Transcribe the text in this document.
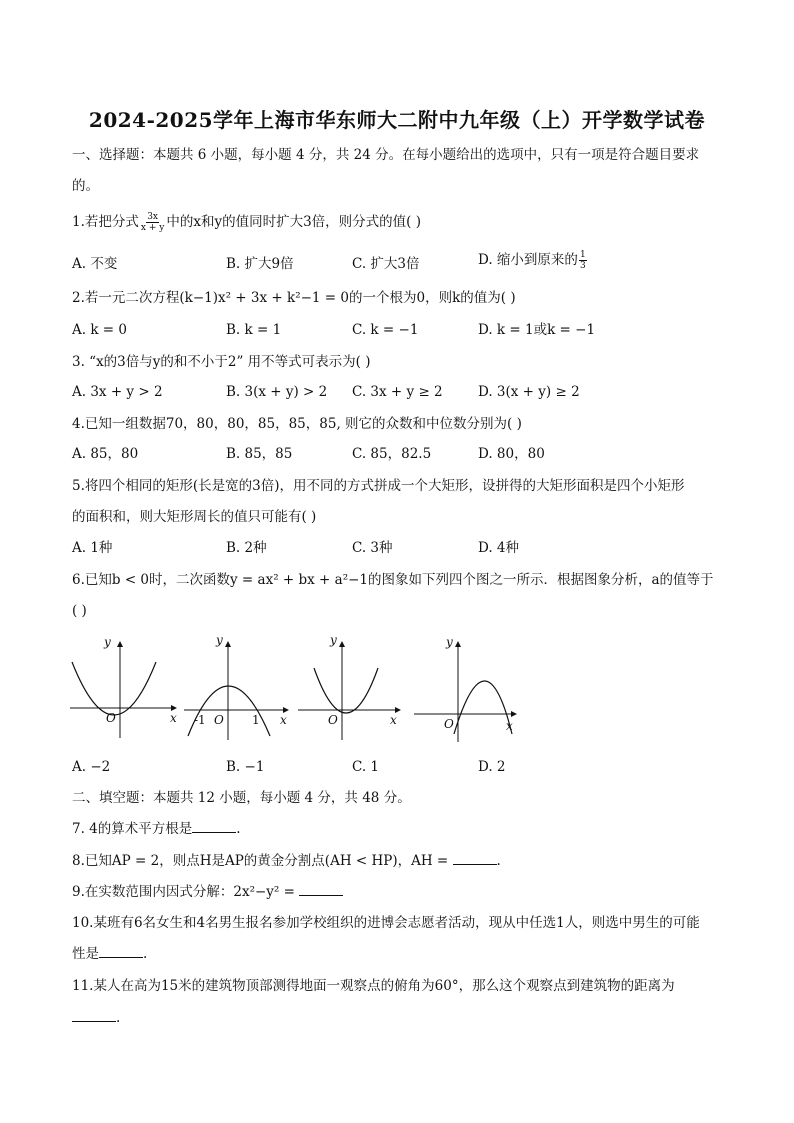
2024-2025学年上海市华东师大二附中九年级（上）开学数学试卷
一、选择题：本题共 6 小题，每小题 4 分，共 24 分。在每小题给出的选项中，只有一项是符合题目要求
的。
1.若把分式 $\frac{3x}{x + y}$ 中的x和y的值同时扩大3倍，则分式的值( )
A. 不变	B. 扩大9倍	C. 扩大3倍	D. 缩小到原来的 $\frac{1}{3}$
2.若一元二次方程(k−1)x² + 3x + k²−1 = 0的一个根为0，则k的值为( )
A. k = 0	B. k = 1	C. k = −1	D. k = 1或k = −1
3. “x的3倍与y的和不小于2” 用不等式可表示为( )
A. 3x + y > 2	B. 3(x + y) > 2 C. 3x + y ≥ 2	D. 3(x + y) ≥ 2
4.已知一组数据70，80，80，85，85，85, 则它的众数和中位数分别为( )
A. 85，80	B. 85，85	C. 85，82.5	D. 80，80
5.将四个相同的矩形(长是宽的3倍)，用不同的方式拼成一个大矩形，设拼得的大矩形面积是四个小矩形
的面积和，则大矩形周长的值只可能有( )
A. 1种	B. 2种	C. 3种	D. 4种
6.已知b < 0时，二次函数y = ax² + bx + a²−1的图象如下列四个图之一所示．根据图象分析，a的值等于
( )
y
x
O
y
x
O
-1	1
y
x
O
y
x
O
A. −2	B. −1	C. 1	D. 2
二、填空题：本题共 12 小题，每小题 4 分，共 48 分。
7. 4的算术平方根是	.
8.已知AP = 2，则点H是AP的黄金分割点(AH < HP)，AH =	.
9.在实数范围内因式分解：2x²−y² =
10.某班有6名女生和4名男生报名参加学校组织的进博会志愿者活动，现从中任选1人，则选中男生的可能
性是	.
11.某人在高为15米的建筑物顶部测得地面一观察点的俯角为60°，那么这个观察点到建筑物的距离为
.
